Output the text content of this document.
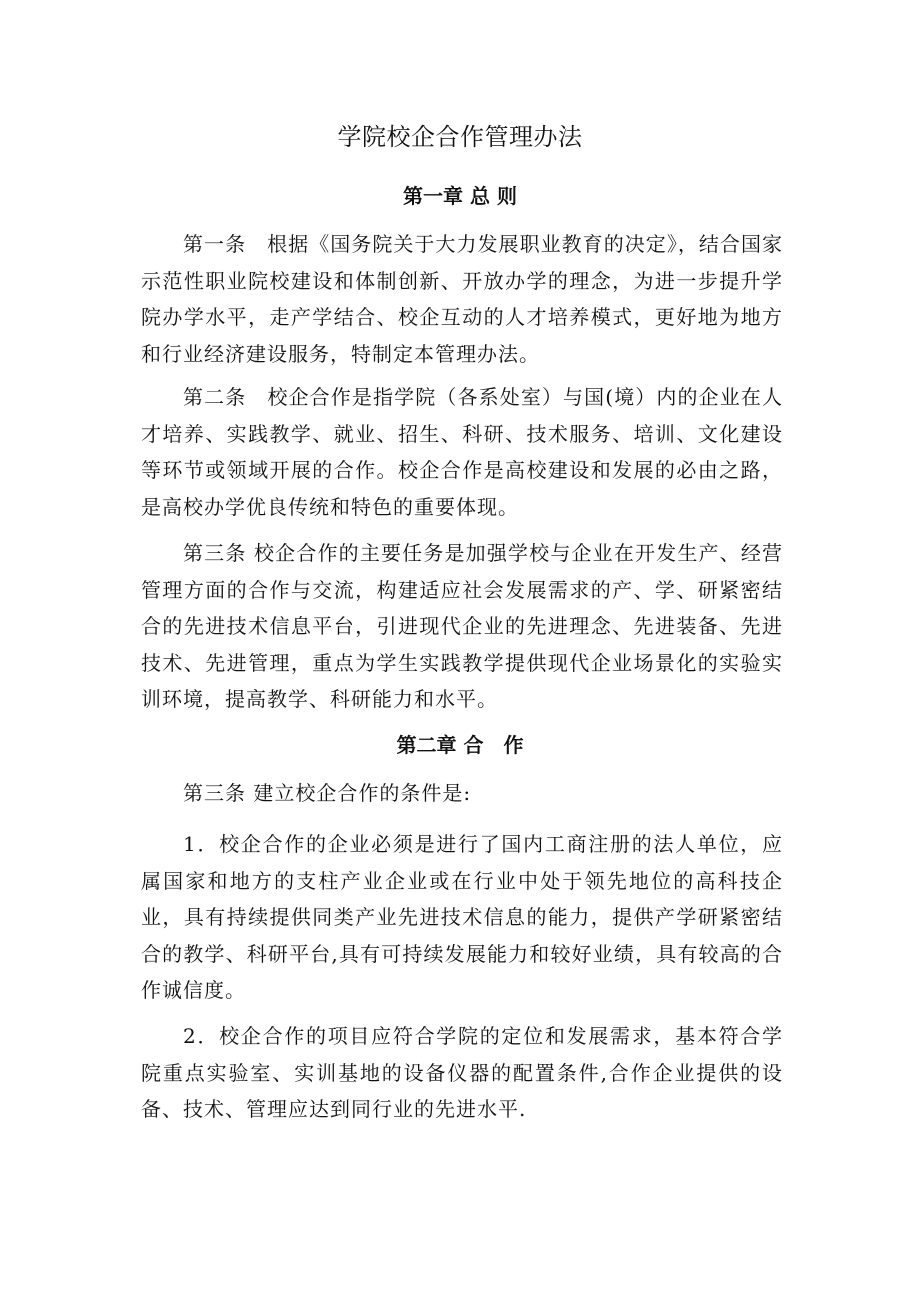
学院校企合作管理办法
第一章 总 则

第一条　根据《国务院关于大力发展职业教育的决定》，结合国家示范性职业院校建设和体制创新、开放办学的理念，为进一步提升学院办学水平，走产学结合、校企互动的人才培养模式，更好地为地方和行业经济建设服务，特制定本管理办法。

第二条　校企合作是指学院（各系处室）与国(境）内的企业在人才培养、实践教学、就业、招生、科研、技术服务、培训、文化建设等环节或领域开展的合作。校企合作是高校建设和发展的必由之路，是高校办学优良传统和特色的重要体现。

第三条 校企合作的主要任务是加强学校与企业在开发生产、经营管理方面的合作与交流，构建适应社会发展需求的产、学、研紧密结合的先进技术信息平台，引进现代企业的先进理念、先进装备、先进技术、先进管理，重点为学生实践教学提供现代企业场景化的实验实训环境，提高教学、科研能力和水平。

第二章 合　作

第三条 建立校企合作的条件是:

1．校企合作的企业必须是进行了国内工商注册的法人单位，应属国家和地方的支柱产业企业或在行业中处于领先地位的高科技企业，具有持续提供同类产业先进技术信息的能力，提供产学研紧密结合的教学、科研平台,具有可持续发展能力和较好业绩，具有较高的合作诚信度。

2．校企合作的项目应符合学院的定位和发展需求，基本符合学院重点实验室、实训基地的设备仪器的配置条件,合作企业提供的设备、技术、管理应达到同行业的先进水平.
